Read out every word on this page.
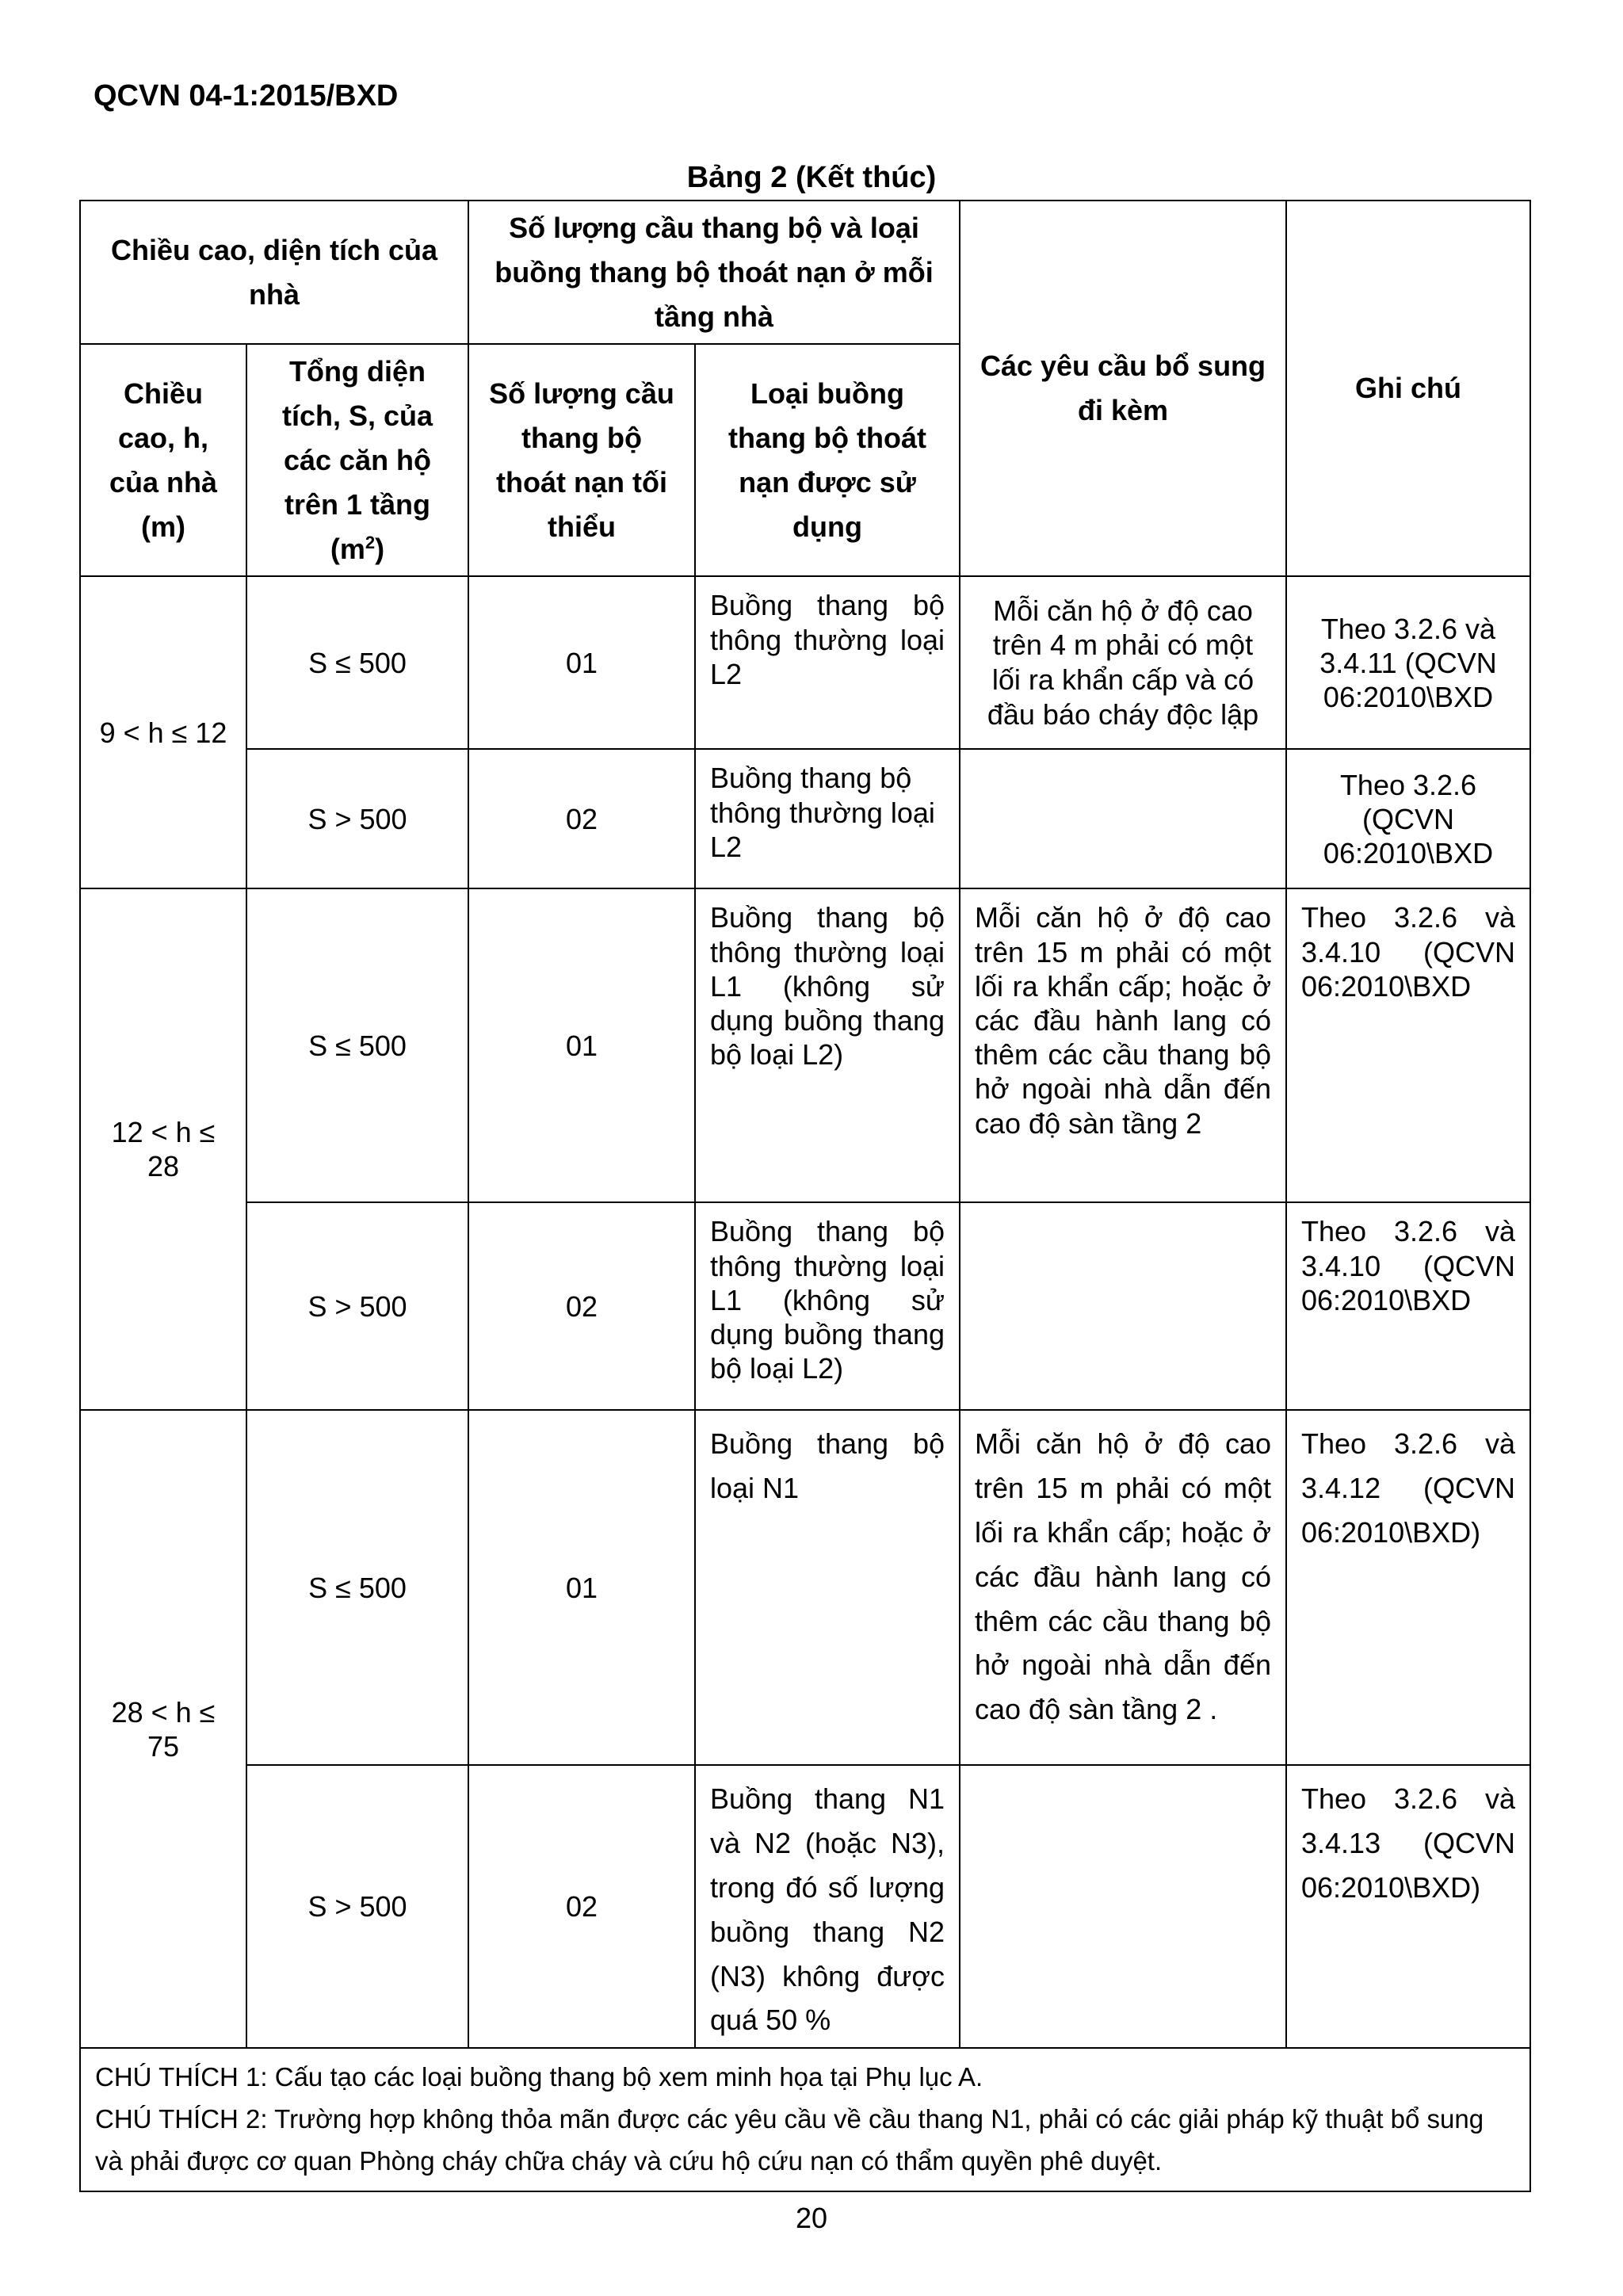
QCVN 04-1:2015/BXD
Bảng 2 (Kết thúc)
Chiều cao, diện tích của nhà		Số lượng cầu thang bộ và loại buồng thang bộ thoát nạn ở mỗi tầng nhà		Các yêu cầu bổ sung đi kèm	Ghi chú
Chiều cao, h, của nhà (m)	Tổng diện tích, S, của các căn hộ trên 1 tầng $(m^2)$	Số lượng cầu thang bộ thoát nạn tối thiểu	Loại buồng thang bộ thoát nạn được sử dụng		
9 < h ≤ 12	S ≤ 500	01	Buồng thang bộ thông thường loại L2	Mỗi căn hộ ở độ cao trên 4 m phải có một lối ra khẩn cấp và có đầu báo cháy độc lập	Theo 3.2.6 và 3.4.11 (QCVN 06:2010\BXD
	S > 500	02	Buồng thang bộ thông thường loại L2		Theo 3.2.6 (QCVN 06:2010\BXD
12 < h ≤ 28	S ≤ 500	01	Buồng thang bộ thông thường loại L1 (không sử dụng buồng thang bộ loại L2)	Mỗi căn hộ ở độ cao trên 15 m phải có một lối ra khẩn cấp; hoặc ở các đầu hành lang có thêm các cầu thang bộ hở ngoài nhà dẫn đến cao độ sàn tầng 2	Theo 3.2.6 và 3.4.10 (QCVN 06:2010\BXD
	S > 500	02	Buồng thang bộ thông thường loại L1 (không sử dụng buồng thang bộ loại L2)		Theo 3.2.6 và 3.4.10 (QCVN 06:2010\BXD
28 < h ≤ 75	S ≤ 500	01	Buồng thang bộ loại N1	Mỗi căn hộ ở độ cao trên 15 m phải có một lối ra khẩn cấp; hoặc ở các đầu hành lang có thêm các cầu thang bộ hở ngoài nhà dẫn đến cao độ sàn tầng 2 .	Theo 3.2.6 và 3.4.12 (QCVN 06:2010\BXD)
	S > 500	02	Buồng thang N1 và N2 (hoặc N3), trong đó số lượng buồng thang N2 (N3) không được quá 50 %		Theo 3.2.6 và 3.4.13 (QCVN 06:2010\BXD)

CHÚ THÍCH 1: Cấu tạo các loại buồng thang bộ xem minh họa tại Phụ lục A.
CHÚ THÍCH 2: Trường hợp không thỏa mãn được các yêu cầu về cầu thang N1, phải có các giải pháp kỹ thuật bổ sung và phải được cơ quan Phòng cháy chữa cháy và cứu hộ cứu nạn có thẩm quyền phê duyệt.					
20
